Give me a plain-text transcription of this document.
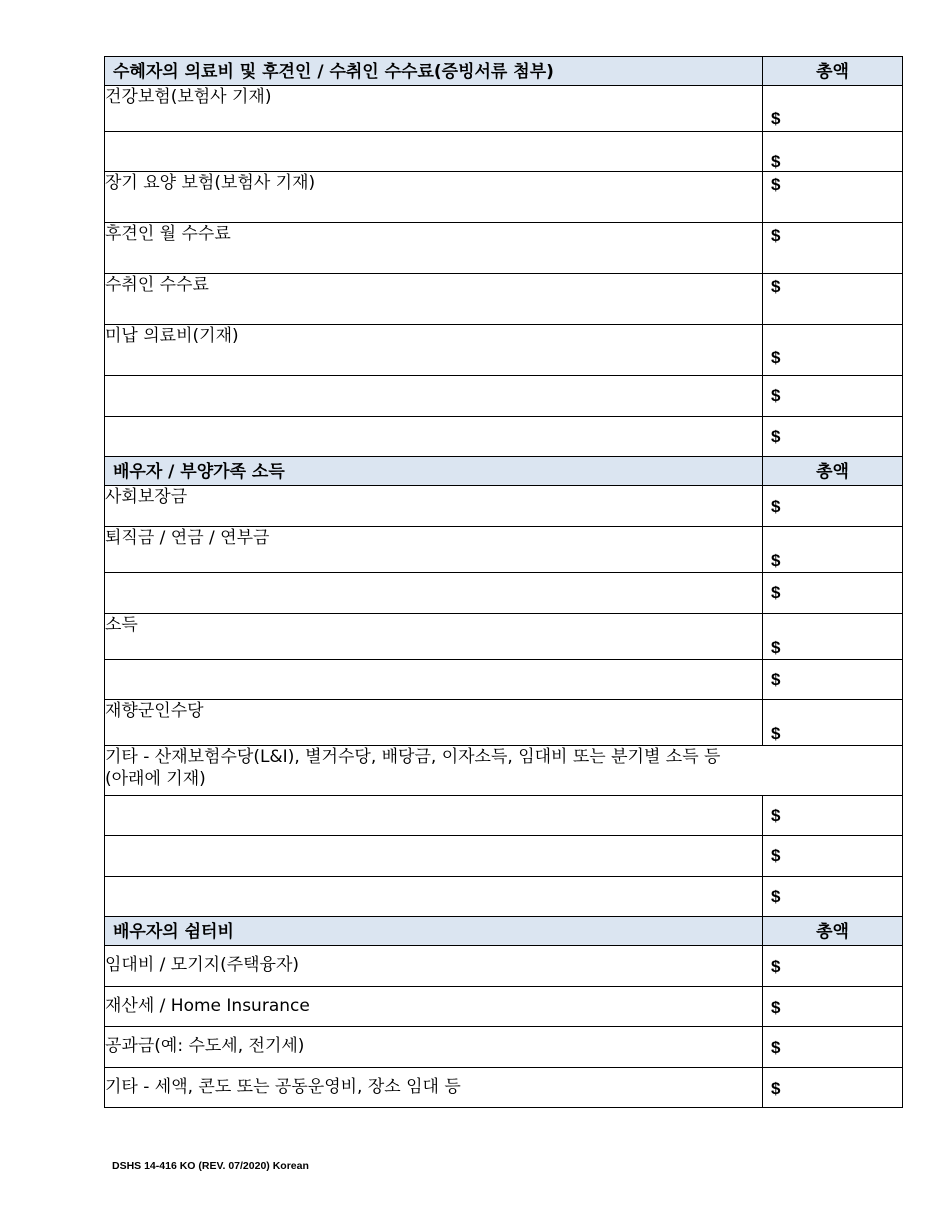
수혜자의 의료비 및 후견인 / 수취인 수수료(증빙서류 첨부)	총액
건강보험(보험사 기재)	$

	$

장기 요양 보험(보험사 기재)	$

후견인 월 수수료	$

수취인 수수료	$

미납 의료비(기재)	$

	$

	$

배우자 / 부양가족 소득	총액
사회보장금	$

퇴직금 / 연금 / 연부금	$

	$

소득	$

	$

재향군인수당	$

기타 - 산재보험수당(L&I), 별거수당, 배당금, 이자소득, 임대비 또는 분기별 소득 등
(아래에 기재)	

	$

	$

	$

배우자의 쉼터비	총액
임대비 / 모기지(주택융자)	$

재산세 / Home Insurance	$

공과금(예: 수도세, 전기세)	$

기타 - 세액, 콘도 또는 공동운영비, 장소 임대 등	$
DSHS 14-416 KO (REV. 07/2020) Korean
